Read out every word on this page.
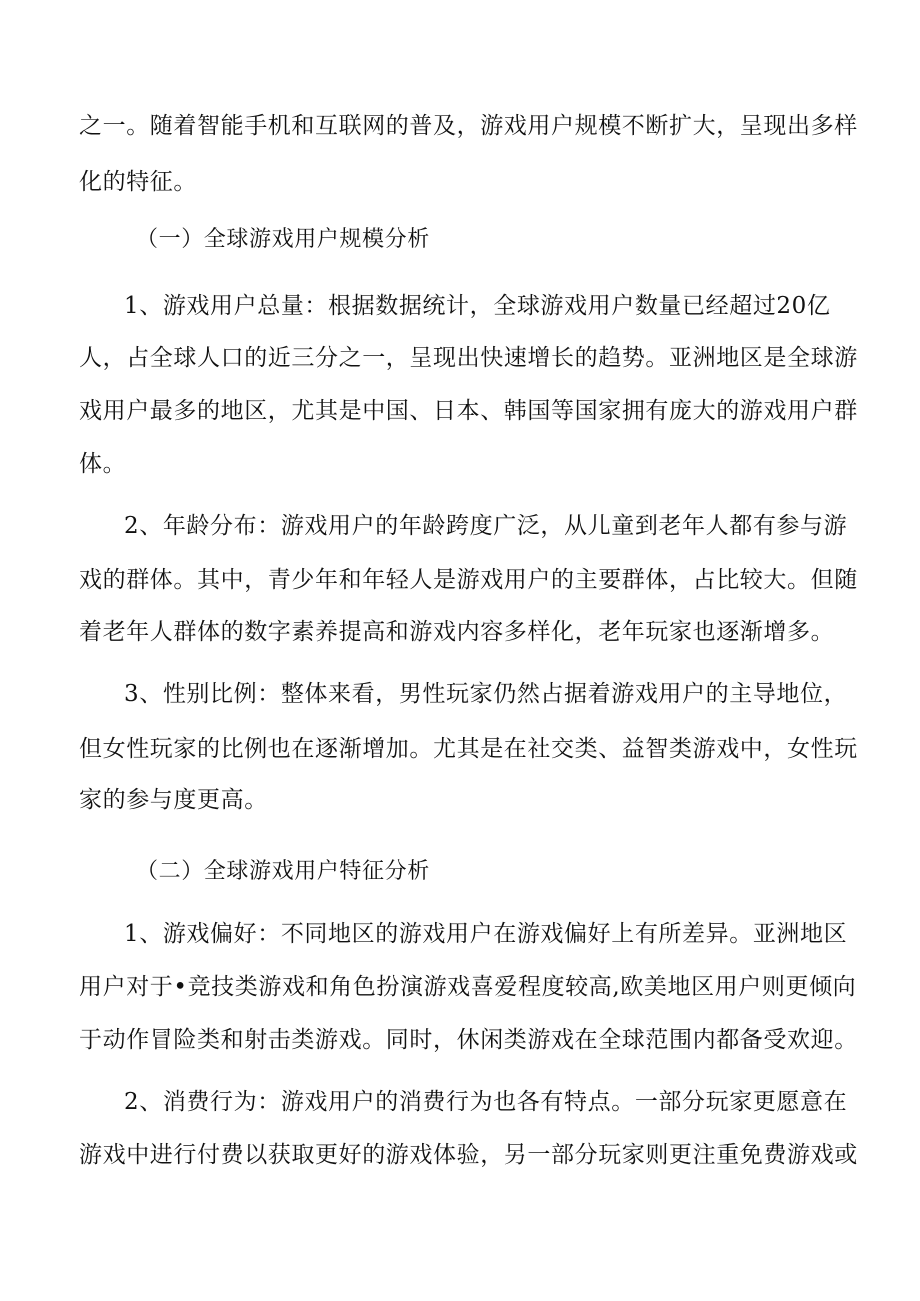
之一。随着智能手机和互联网的普及，游戏用户规模不断扩大，呈现出多样
化的特征。
（一）全球游戏用户规模分析
1、游戏用户总量：根据数据统计，全球游戏用户数量已经超过20亿
人，占全球人口的近三分之一，呈现出快速增长的趋势。亚洲地区是全球游
戏用户最多的地区，尤其是中国、日本、韩国等国家拥有庞大的游戏用户群
体。
2、年龄分布：游戏用户的年龄跨度广泛，从儿童到老年人都有参与游
戏的群体。其中，青少年和年轻人是游戏用户的主要群体，占比较大。但随
着老年人群体的数字素养提高和游戏内容多样化，老年玩家也逐渐增多。
3、性别比例：整体来看，男性玩家仍然占据着游戏用户的主导地位，
但女性玩家的比例也在逐渐增加。尤其是在社交类、益智类游戏中，女性玩
家的参与度更高。
（二）全球游戏用户特征分析
1、游戏偏好：不同地区的游戏用户在游戏偏好上有所差异。亚洲地区
用户对于•竞技类游戏和角色扮演游戏喜爱程度较高,欧美地区用户则更倾向
于动作冒险类和射击类游戏。同时，休闲类游戏在全球范围内都备受欢迎。
2、消费行为：游戏用户的消费行为也各有特点。一部分玩家更愿意在
游戏中进行付费以获取更好的游戏体验，另一部分玩家则更注重免费游戏或
